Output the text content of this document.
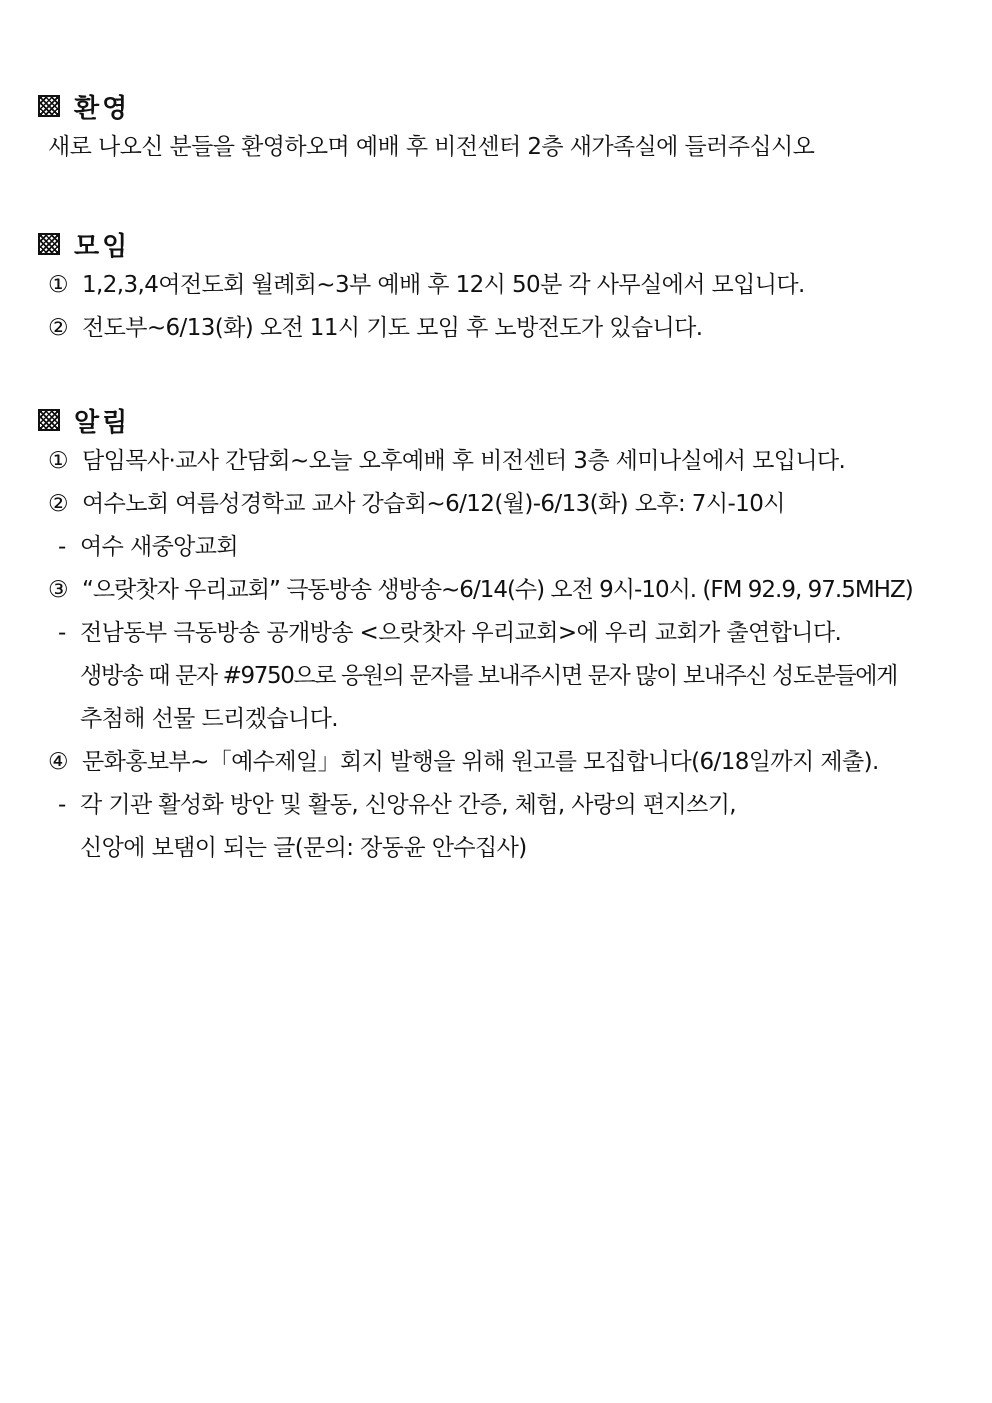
환영
새로 나오신 분들을 환영하오며 예배 후 비전센터 2층 새가족실에 들러주십시오
모임
① 1,2,3,4여전도회 월례회~3부 예배 후 12시 50분 각 사무실에서 모입니다.
② 전도부~6/13(화) 오전 11시 기도 모임 후 노방전도가 있습니다.
알림
① 담임목사·교사 간담회~오늘 오후예배 후 비전센터 3층 세미나실에서 모입니다.
② 여수노회 여름성경학교 교사 강습회~6/12(월)-6/13(화) 오후: 7시-10시
- 여수 새중앙교회
③ “으랏찻자 우리교회” 극동방송 생방송~6/14(수) 오전 9시-10시. (FM 92.9, 97.5MHZ)
- 전남동부 극동방송 공개방송 <으랏찻자 우리교회>에 우리 교회가 출연합니다.
생방송 때 문자 #9750으로 응원의 문자를 보내주시면 문자 많이 보내주신 성도분들에게
추첨해 선물 드리겠습니다.
④ 문화홍보부~「예수제일」회지 발행을 위해 원고를 모집합니다(6/18일까지 제출).
- 각 기관 활성화 방안 및 활동, 신앙유산 간증, 체험, 사랑의 편지쓰기,
신앙에 보탬이 되는 글(문의: 장동윤 안수집사)
